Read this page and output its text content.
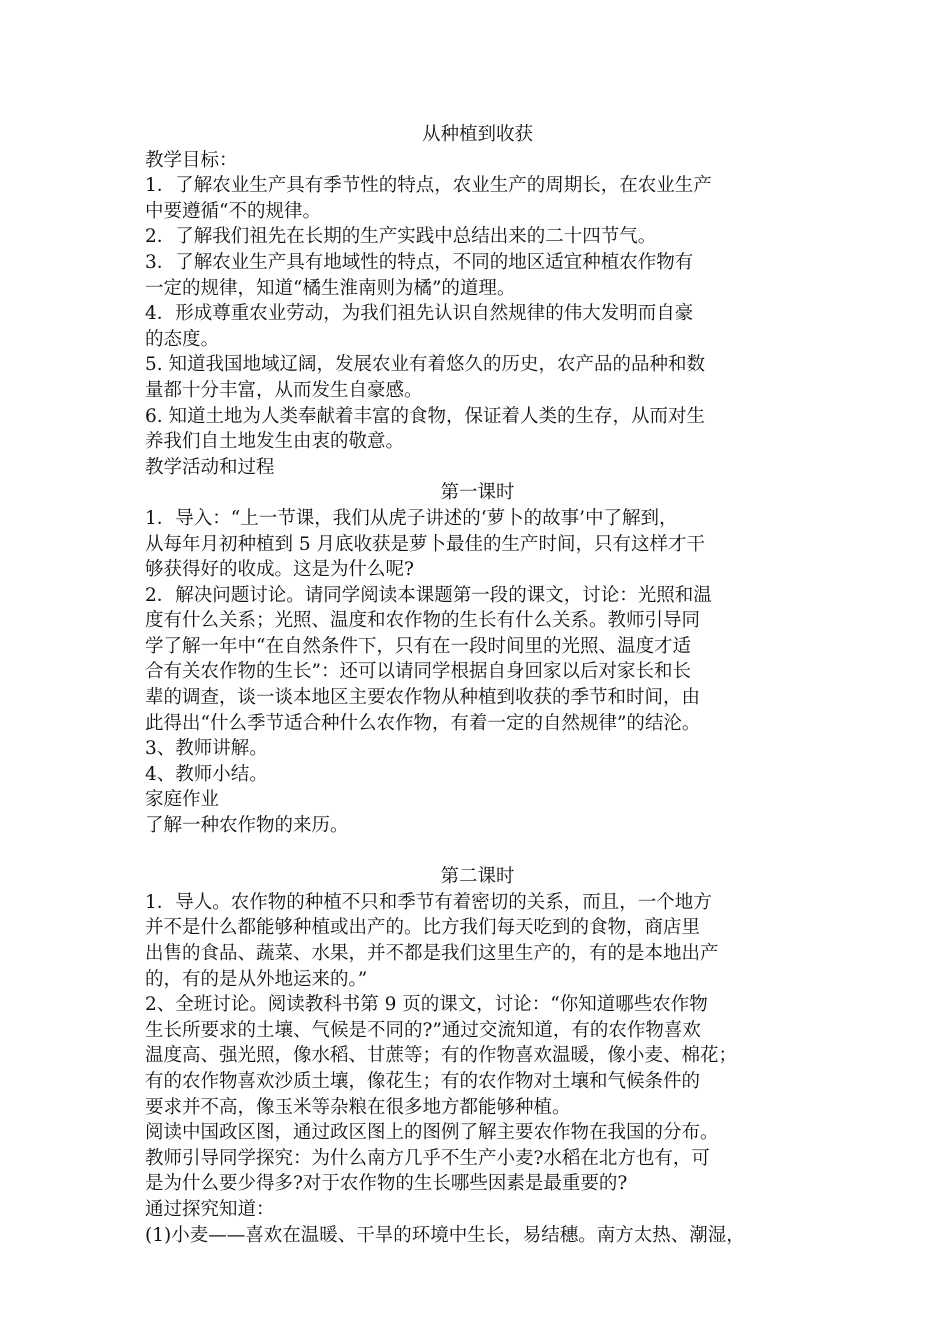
从种植到收获
教学目标：
1．了解农业生产具有季节性的特点，农业生产的周期长，在农业生产
中要遵循“不的规律。
2．了解我们祖先在长期的生产实践中总结出来的二十四节气。
3．了解农业生产具有地域性的特点，不同的地区适宜种植农作物有
一定的规律，知道“橘生淮南则为橘”的道理。
4．形成尊重农业劳动，为我们祖先认识自然规律的伟大发明而自豪
的态度。
5. 知道我国地域辽阔，发展农业有着悠久的历史，农产品的品种和数
量都十分丰富，从而发生自豪感。
6. 知道土地为人类奉献着丰富的食物，保证着人类的生存，从而对生
养我们自土地发生由衷的敬意。
教学活动和过程
第一课时
1．导入：“上一节课，我们从虎子讲述的‘萝卜的故事’中了解到，
从每年月初种植到 5 月底收获是萝卜最佳的生产时间，只有这样才干
够获得好的收成。这是为什么呢?
2．解决问题讨论。请同学阅读本课题第一段的课文，讨论：光照和温
度有什么关系；光照、温度和农作物的生长有什么关系。教师引导同
学了解一年中“在自然条件下，只有在一段时间里的光照、温度才适
合有关农作物的生长”：还可以请同学根据自身回家以后对家长和长
辈的调查，谈一谈本地区主要农作物从种植到收获的季节和时间，由
此得出“什么季节适合种什么农作物，有着一定的自然规律”的结沦。
3、教师讲解。
4、教师小结。
家庭作业
了解一种农作物的来历。
第二课时
1．导人。农作物的种植不只和季节有着密切的关系，而且，一个地方
并不是什么都能够种植或出产的。比方我们每天吃到的食物，商店里
出售的食品、蔬菜、水果，并不都是我们这里生产的，有的是本地出产
的，有的是从外地运来的。”
2、全班讨论。阅读教科书第 9 页的课文，讨论：“你知道哪些农作物
生长所要求的土壤、气候是不同的?”通过交流知道，有的农作物喜欢
温度高、强光照，像水稻、甘蔗等；有的作物喜欢温暖，像小麦、棉花；
有的农作物喜欢沙质土壤，像花生；有的农作物对土壤和气候条件的
要求并不高，像玉米等杂粮在很多地方都能够种植。
阅读中国政区图，通过政区图上的图例了解主要农作物在我国的分布。
教师引导同学探究：为什么南方几乎不生产小麦?水稻在北方也有，可
是为什么要少得多?对于农作物的生长哪些因素是最重要的?
通过探究知道：
(1)小麦——喜欢在温暖、干旱的环境中生长，易结穗。南方太热、潮湿，
